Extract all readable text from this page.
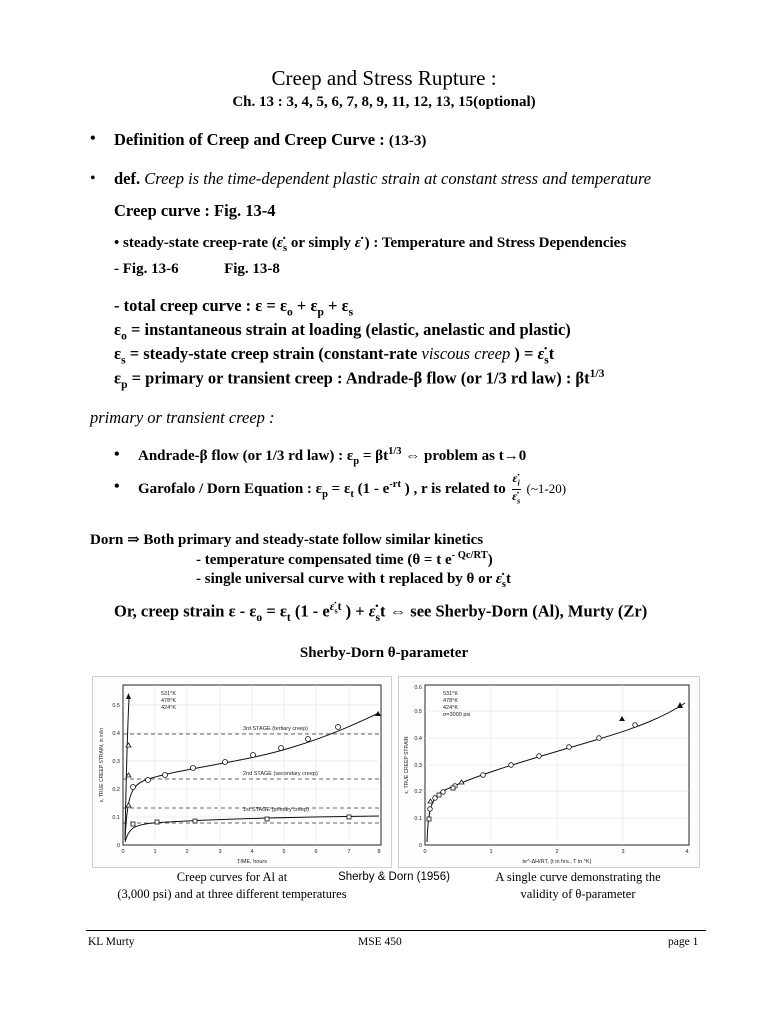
Creep and Stress Rupture :
Ch. 13 : 3, 4, 5, 6, 7, 8, 9, 11, 12, 13, 15(optional)
• Definition of Creep and Creep Curve : (13-3)
• def. Creep is the time-dependent plastic strain at constant stress and temperature
Creep curve : Fig. 13-4
• steady-state creep-rate ($\varepsiloṅ_s$ or simply ε̇ ) : Temperature and Stress Dependencies
- Fig. 13-6	Fig. 13-8
- total creep curve : $\varepsilon = \varepsilon_o + \varepsilon_p + \varepsilon_s$
$\varepsilon_o$ = instantaneous strain at loading (elastic, anelastic and plastic)
$\varepsilon_s$ = steady-state creep strain (constant-rate viscous creep ) = $\varepsiloṅ_st$
$\varepsilon_p$ = primary or transient creep : Andrade-β flow (or 1/3 rd law) : $\beta t^{1/3}$
primary or transient creep :
• Andrade-β flow (or 1/3 rd law) : $\varepsilon_p = \beta t^{1/3}$ ⇔ problem as t→0
• Garofalo / Dorn Equation : $\varepsilon_p = \varepsilon_t$ ($1 - e^{-rt}$ ) , r is related to $\frac{\varepsiloṅ_i}{\varepsiloṅ_s}$ (~1-20)
Dorn ⇒ Both primary and steady-state follow similar kinetics
- temperature compensated time (θ = t $e^{- Qc/RT}$)
- single universal curve with t replaced by θ or $\varepsiloṅ_st$
Or, creep strain $\varepsilon - \varepsilon_o = \varepsilon_t$ ($1 - e^{\varepsiloṅ_st}$ ) + $\varepsiloṅ_st$ ⇔ see Sherby-Dorn (Al), Murty (Zr)
Sherby-Dorn θ-parameter
531°K
478°K
424°K
3rd STAGE (tertiary creep)
2nd STAGE (secondary creep)
1st STAGE (primary creep)
0	1	2	3	4	5	6	7	8
TIME, hours
0
0.1
0.2
0.3
0.4
0.5
ε, TRUE CREEP STRAIN, in in/in
531°K
478°K
424°K
σ=3000 psi
0	1	2	3	4
te^-ΔH/RT, (t in hrs., T in °K)
0
0.1
0.2
0.3
0.4
0.5
0.6
ε, TRUE CREEP STRAIN
Creep curves for Al at
(3,000 psi) and at three different temperatures
Sherby & Dorn (1956)	A single curve demonstrating the
validity of θ-parameter
KL Murty	MSE 450	page 1
